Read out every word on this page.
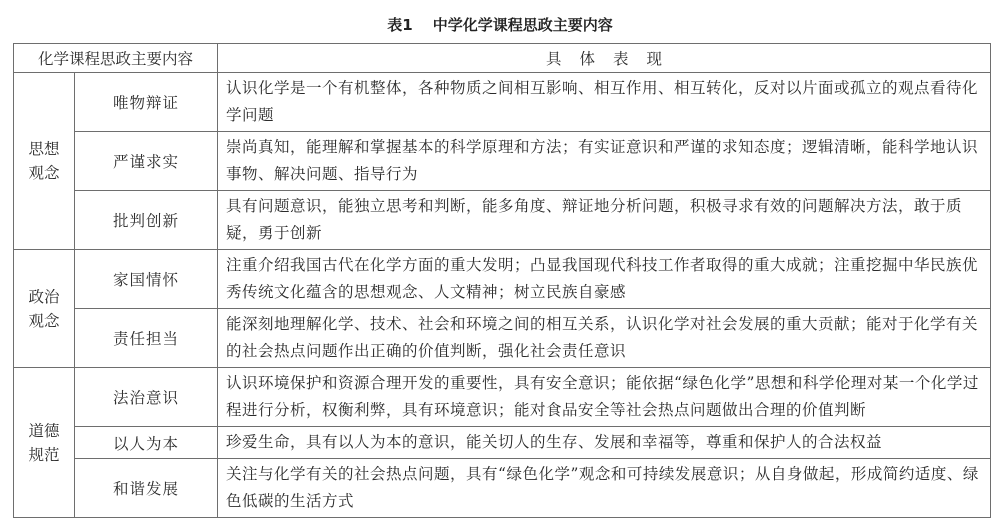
表1 中学化学课程思政主要内容
化学课程思政主要内容		具体表现
思想
观念	唯物辩证	认识化学是一个有机整体，各种物质之间相互影响、相互作用、相互转化，反对以片面或孤立的观点看待化学问题
	严谨求实	崇尚真知，能理解和掌握基本的科学原理和方法；有实证意识和严谨的求知态度；逻辑清晰，能科学地认识事物、解决问题、指导行为
	批判创新	具有问题意识，能独立思考和判断，能多角度、辩证地分析问题，积极寻求有效的问题解决方法，敢于质疑，勇于创新
政治
观念	家国情怀	注重介绍我国古代在化学方面的重大发明；凸显我国现代科技工作者取得的重大成就；注重挖掘中华民族优秀传统文化蕴含的思想观念、人文精神；树立民族自豪感
	责任担当	能深刻地理解化学、技术、社会和环境之间的相互关系，认识化学对社会发展的重大贡献；能对于化学有关的社会热点问题作出正确的价值判断，强化社会责任意识
道德
规范	法治意识	认识环境保护和资源合理开发的重要性，具有安全意识；能依据“绿色化学”思想和科学伦理对某一个化学过程进行分析，权衡利弊，具有环境意识；能对食品安全等社会热点问题做出合理的价值判断
	以人为本	珍爱生命，具有以人为本的意识，能关切人的生存、发展和幸福等，尊重和保护人的合法权益
	和谐发展	关注与化学有关的社会热点问题，具有“绿色化学”观念和可持续发展意识；从自身做起，形成简约适度、绿色低碳的生活方式
